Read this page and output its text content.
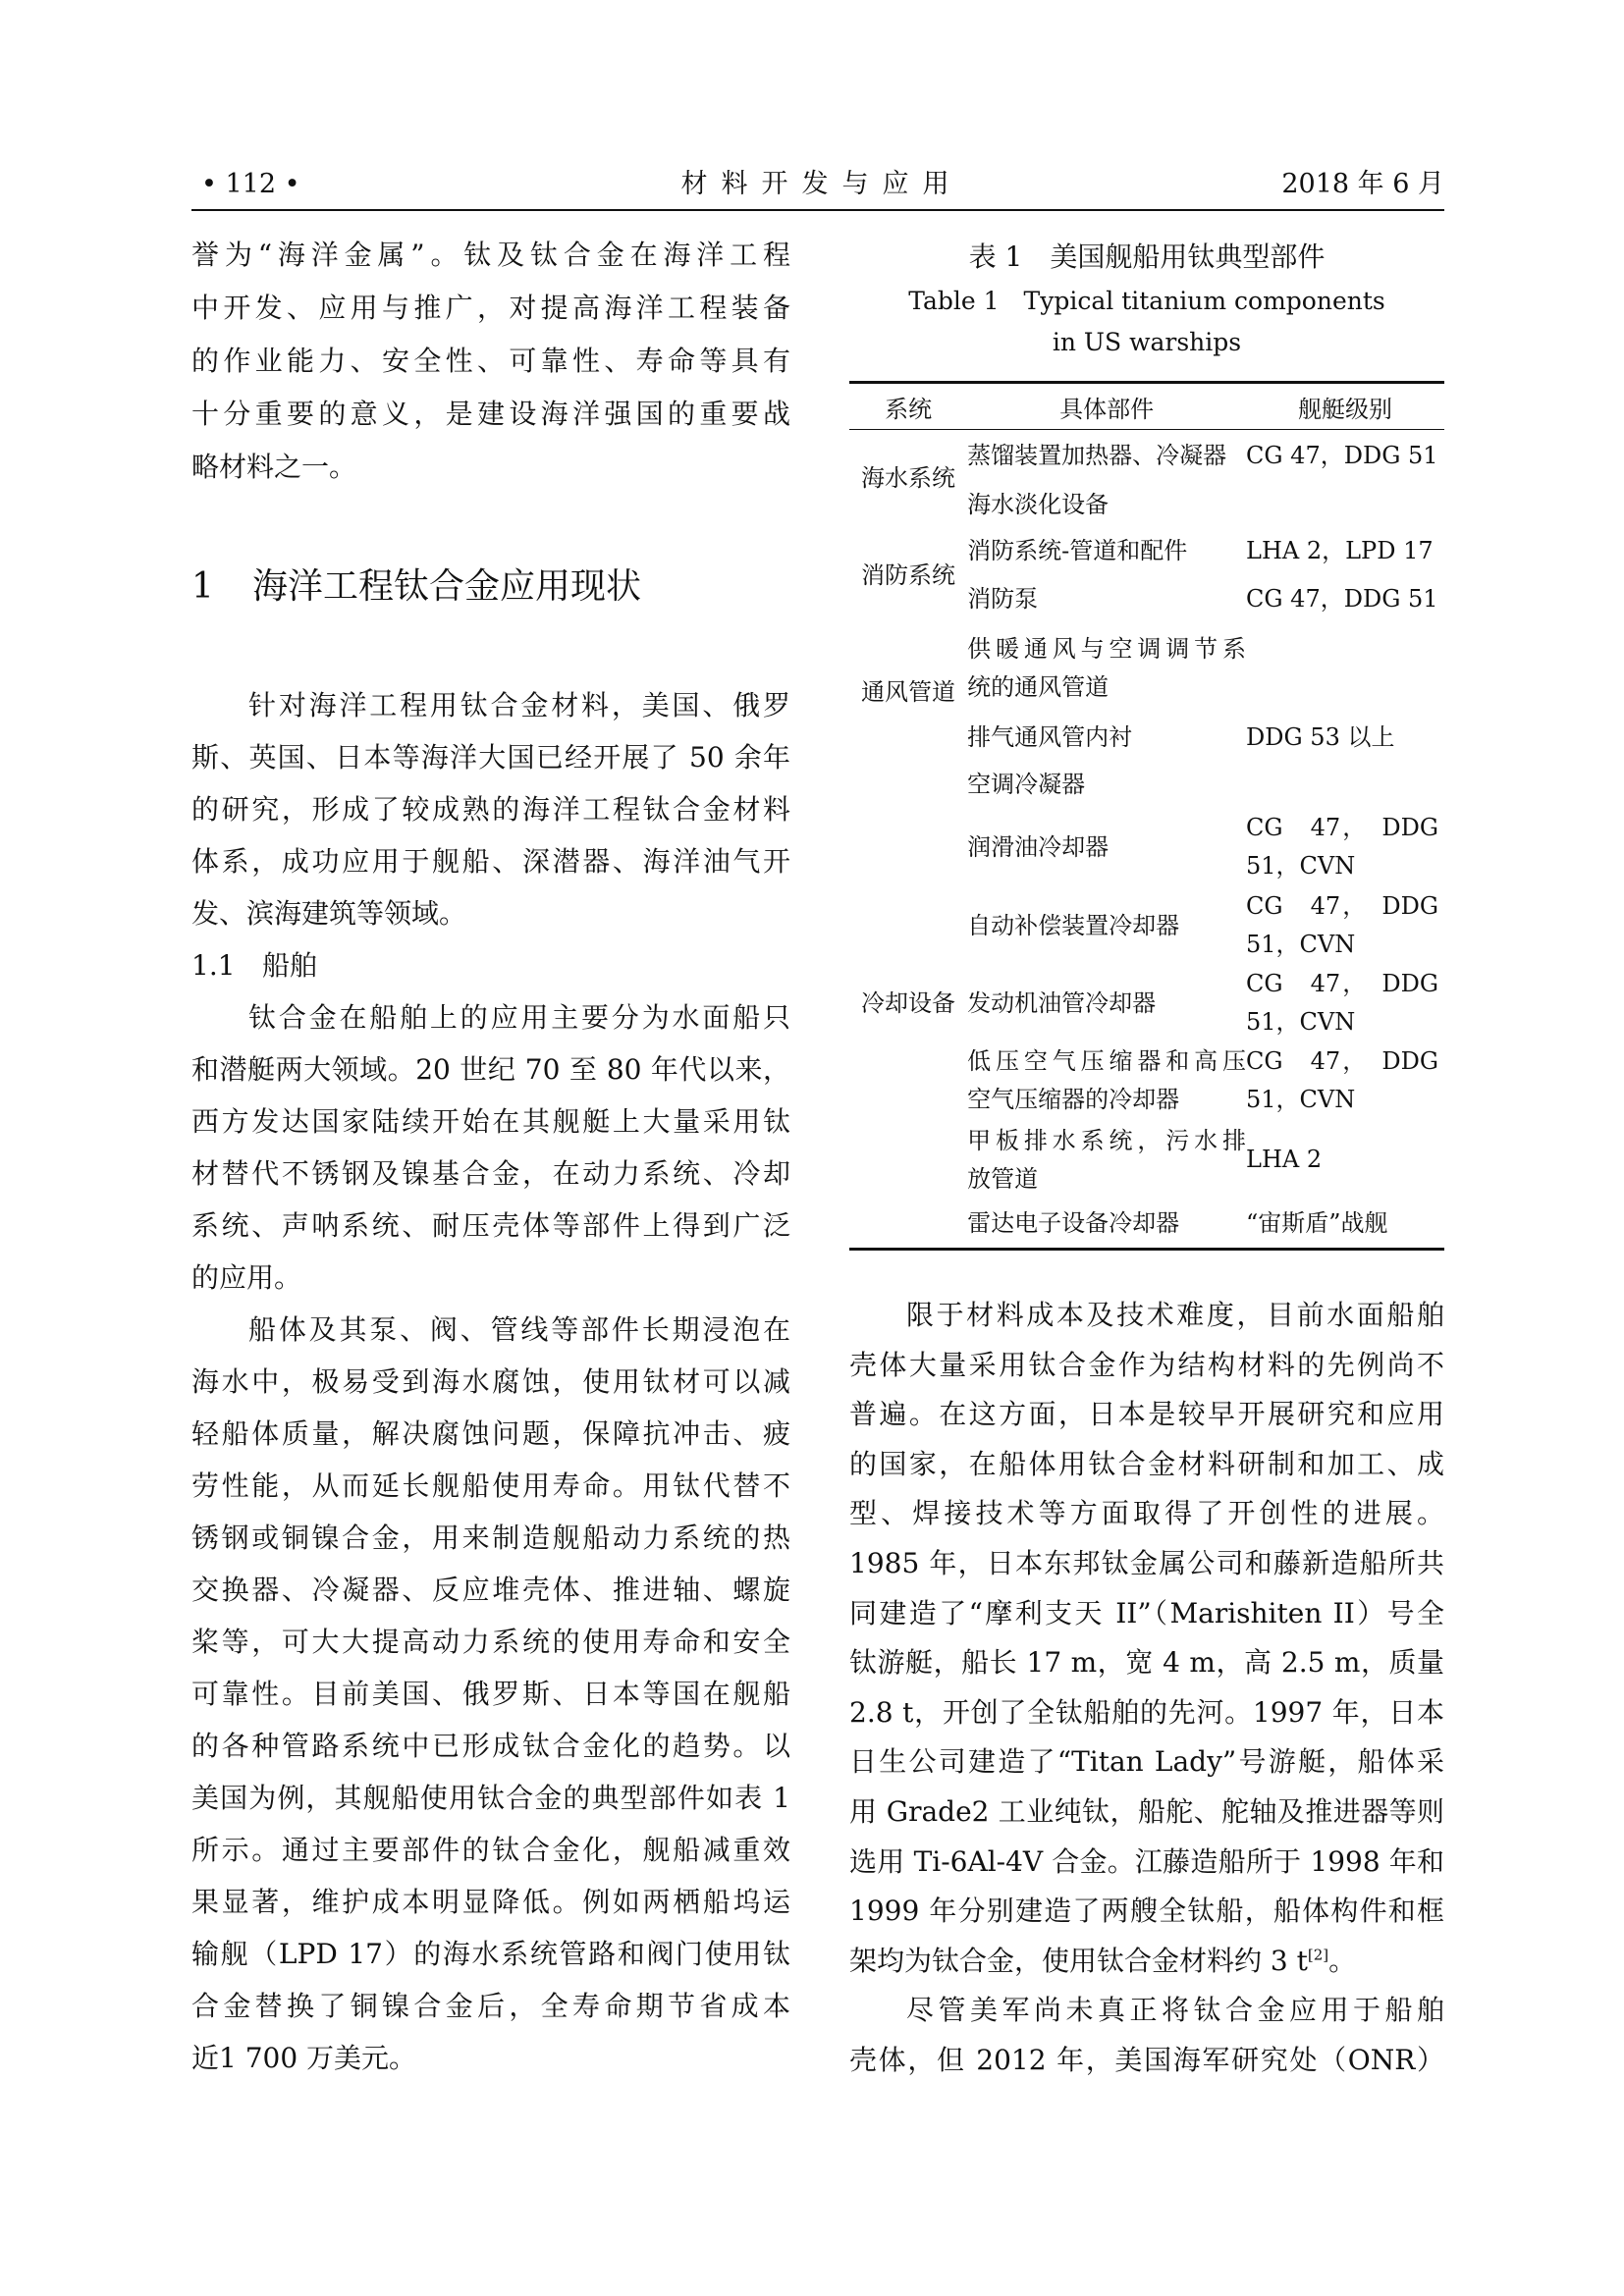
• 112 •	材料开发与应用	2018 年 6 月
誉为“海洋金属”。钛及钛合金在海洋工程
中开发、应用与推广，对提高海洋工程装备
的作业能力、安全性、可靠性、寿命等具有
十分重要的意义，是建设海洋强国的重要战
略材料之一。
1 海洋工程钛合金应用现状
针对海洋工程用钛合金材料，美国、俄罗
斯、英国、日本等海洋大国已经开展了 50 余年
的研究，形成了较成熟的海洋工程钛合金材料
体系，成功应用于舰船、深潜器、海洋油气开
发、滨海建筑等领域。
1.1 船舶
钛合金在船舶上的应用主要分为水面船只
和潜艇两大领域。20 世纪 70 至 80 年代以来，
西方发达国家陆续开始在其舰艇上大量采用钛
材替代不锈钢及镍基合金，在动力系统、冷却
系统、声呐系统、耐压壳体等部件上得到广泛
的应用。
船体及其泵、阀、管线等部件长期浸泡在
海水中，极易受到海水腐蚀，使用钛材可以减
轻船体质量，解决腐蚀问题，保障抗冲击、疲
劳性能，从而延长舰船使用寿命。用钛代替不
锈钢或铜镍合金，用来制造舰船动力系统的热
交换器、冷凝器、反应堆壳体、推进轴、螺旋
桨等，可大大提高动力系统的使用寿命和安全
可靠性。目前美国、俄罗斯、日本等国在舰船
的各种管路系统中已形成钛合金化的趋势。以
美国为例，其舰船使用钛合金的典型部件如表 1
所示。通过主要部件的钛合金化，舰船减重效
果显著，维护成本明显降低。例如两栖船坞运
输舰（LPD 17）的海水系统管路和阀门使用钛
合金替换了铜镍合金后，全寿命期节省成本
近1 700 万美元。
表 1　美国舰船用钛典型部件
Table 1　Typical titanium components
in US warships
系统	具体部件	舰艇级别
海水系统	蒸馏装置加热器、冷凝器	CG 47，DDG 51

	海水淡化设备	

消防系统	消防系统-管道和配件	LHA 2，LPD 17

	消防泵	CG 47，DDG 51

通风管道	供暖通风与空调调节系
统的通风管道	

	排气通风管内衬	DDG 53 以上

	空调冷凝器	

冷却设备	润滑油冷却器	CG　47，　DDG
51，CVN

	自动补偿装置冷却器	CG　47，　DDG
51，CVN

	发动机油管冷却器	CG　47，　DDG
51，CVN

	低压空气压缩器和高压
空气压缩器的冷却器	CG　47，　DDG
51，CVN

	甲板排水系统，污水排
放管道	LHA 2

	雷达电子设备冷却器	“宙斯盾”战舰
限于材料成本及技术难度，目前水面船舶
壳体大量采用钛合金作为结构材料的先例尚不
普遍。在这方面，日本是较早开展研究和应用
的国家，在船体用钛合金材料研制和加工、成
型、焊接技术等方面取得了开创性的进展。
1985 年，日本东邦钛金属公司和藤新造船所共
同建造了“摩利支天 II”（Marishiten II）号全
钛游艇，船长 17 m，宽 4 m，高 2.5 m，质量
2.8 t，开创了全钛船舶的先河。1997 年，日本
日生公司建造了“Titan Lady”号游艇，船体采
用 Grade2 工业纯钛，船舵、舵轴及推进器等则
选用 Ti-6Al-4V 合金。江藤造船所于 1998 年和
1999 年分别建造了两艘全钛船，船体构件和框
架均为钛合金，使用钛合金材料约 3 t[2]。
尽管美军尚未真正将钛合金应用于船舶
壳体，但 2012 年，美国海军研究处（ONR）
